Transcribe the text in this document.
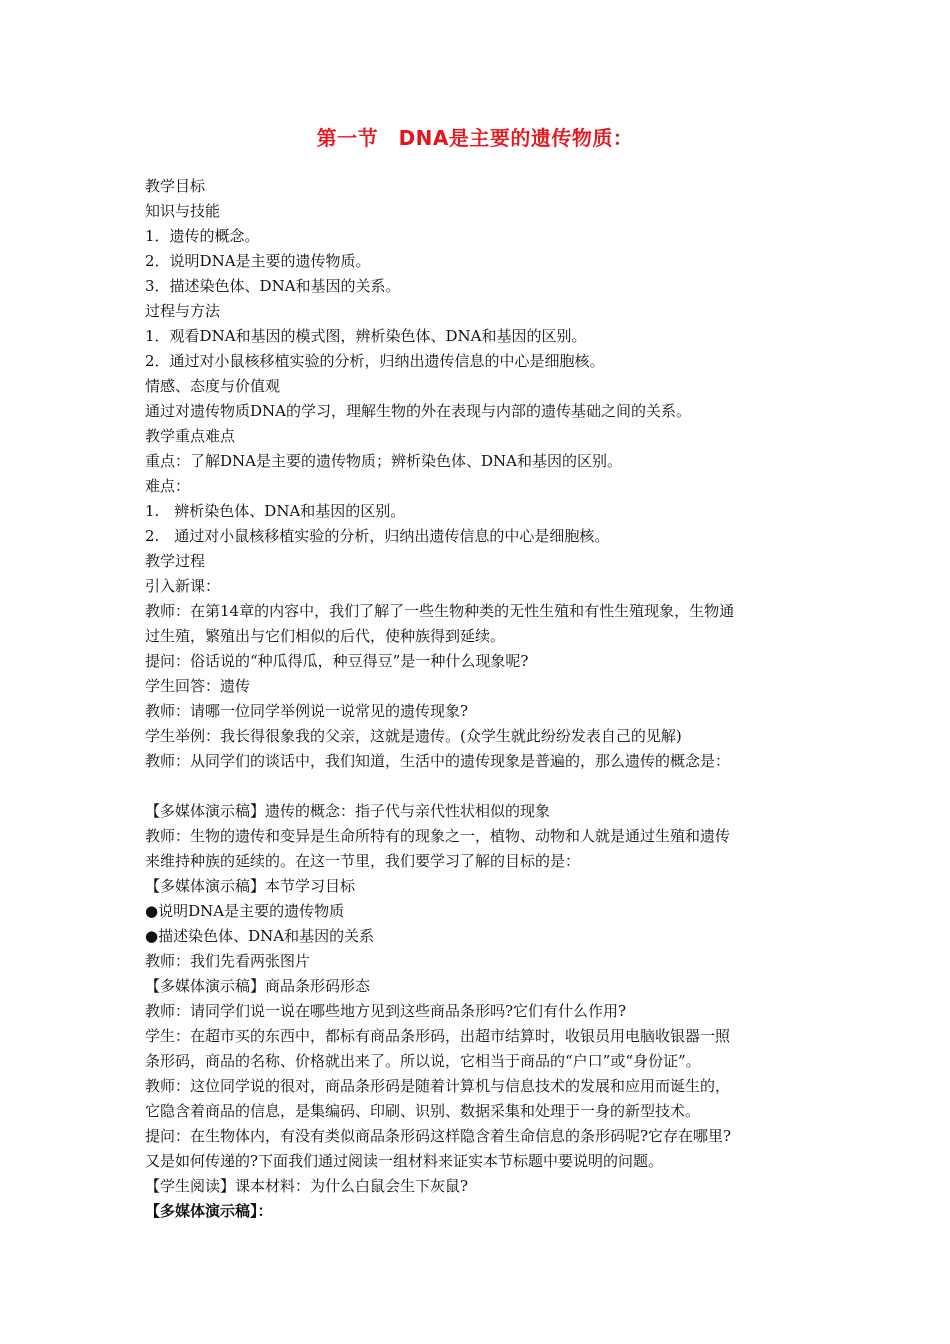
第一节　DNA是主要的遗传物质：
教学目标
知识与技能
1．遗传的概念。
2．说明DNA是主要的遗传物质。
3．描述染色体、DNA和基因的关系。
过程与方法
1．观看DNA和基因的模式图，辨析染色体、DNA和基因的区别。
2．通过对小鼠核移植实验的分析，归纳出遗传信息的中心是细胞核。
情感、态度与价值观
通过对遗传物质DNA的学习，理解生物的外在表现与内部的遗传基础之间的关系。
教学重点难点
重点：了解DNA是主要的遗传物质；辨析染色体、DNA和基因的区别。
难点：
1.　辨析染色体、DNA和基因的区别。
2.　通过对小鼠核移植实验的分析，归纳出遗传信息的中心是细胞核。
教学过程
引入新课：
教师：在第14章的内容中，我们了解了一些生物种类的无性生殖和有性生殖现象，生物通
过生殖，繁殖出与它们相似的后代，使种族得到延续。
提问：俗话说的“种瓜得瓜，种豆得豆”是一种什么现象呢?
学生回答：遗传
教师：请哪一位同学举例说一说常见的遗传现象?
学生举例：我长得很象我的父亲，这就是遗传。(众学生就此纷纷发表自己的见解)
教师：从同学们的谈话中，我们知道，生活中的遗传现象是普遍的，那么遗传的概念是：
【多媒体演示稿】遗传的概念：指子代与亲代性状相似的现象
教师：生物的遗传和变异是生命所特有的现象之一，植物、动物和人就是通过生殖和遗传
来维持种族的延续的。在这一节里，我们要学习了解的目标的是：
【多媒体演示稿】本节学习目标
●说明DNA是主要的遗传物质
●描述染色体、DNA和基因的关系
教师：我们先看两张图片
【多媒体演示稿】商品条形码形态
教师：请同学们说一说在哪些地方见到这些商品条形吗?它们有什么作用?
学生：在超市买的东西中，都标有商品条形码，出超市结算时，收银员用电脑收银器一照
条形码，商品的名称、价格就出来了。所以说，它相当于商品的“户口”或“身份证”。
教师：这位同学说的很对，商品条形码是随着计算机与信息技术的发展和应用而诞生的，
它隐含着商品的信息，是集编码、印刷、识别、数据采集和处理于一身的新型技术。
提问：在生物体内，有没有类似商品条形码这样隐含着生命信息的条形码呢?它存在哪里?
又是如何传递的?下面我们通过阅读一组材料来证实本节标题中要说明的问题。
【学生阅读】课本材料：为什么白鼠会生下灰鼠?
【多媒体演示稿】：
